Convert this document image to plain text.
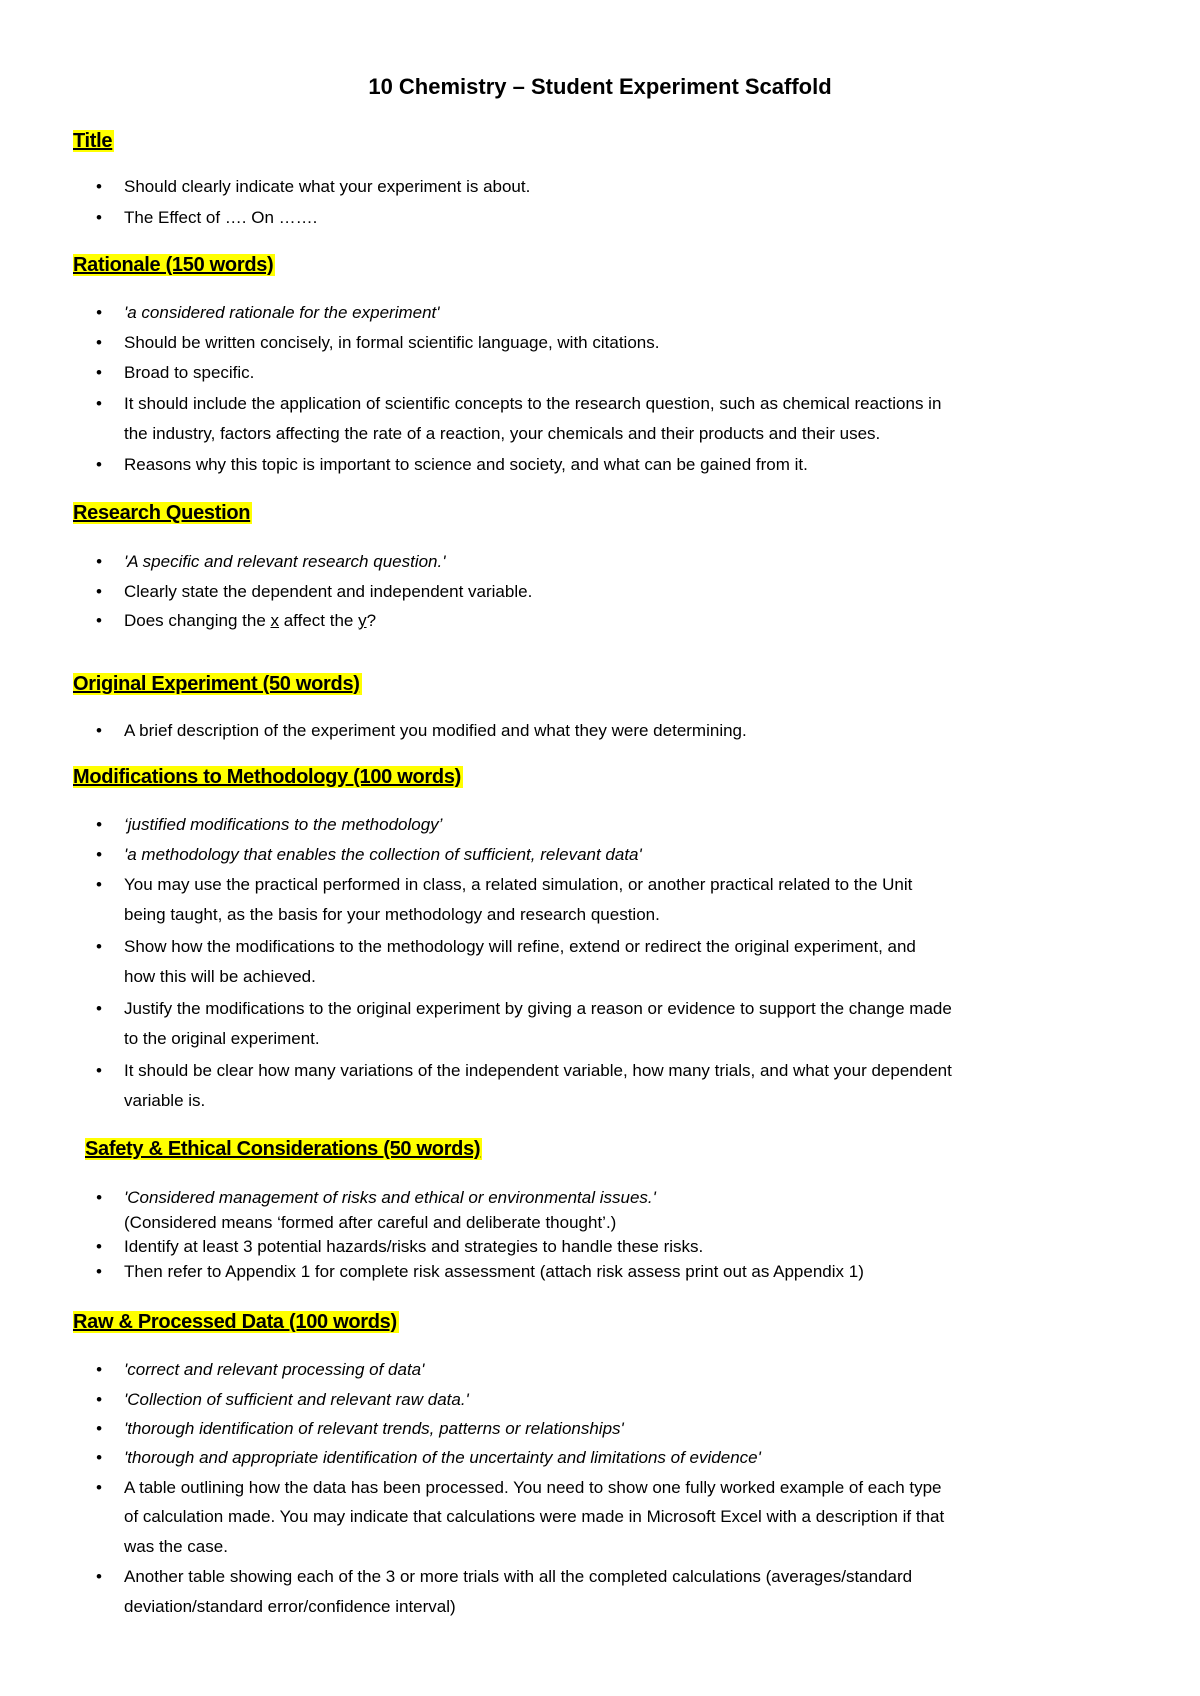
10 Chemistry – Student Experiment Scaffold
Title

• Should clearly indicate what your experiment is about.

• The Effect of …. On …….

Rationale (150 words)

• 'a considered rationale for the experiment'

• Should be written concisely, in formal scientific language, with citations.

• Broad to specific.

• It should include the application of scientific concepts to the research question, such as chemical reactions in

the industry, factors affecting the rate of a reaction, your chemicals and their products and their uses.

• Reasons why this topic is important to science and society, and what can be gained from it.

Research Question

• 'A specific and relevant research question.'

• Clearly state the dependent and independent variable.

• Does changing the x affect the y?

Original Experiment (50 words)

• A brief description of the experiment you modified and what they were determining.

Modifications to Methodology (100 words)

• ‘justified modifications to the methodology’

• 'a methodology that enables the collection of sufficient, relevant data'

• You may use the practical performed in class, a related simulation, or another practical related to the Unit

being taught, as the basis for your methodology and research question.

• Show how the modifications to the methodology will refine, extend or redirect the original experiment, and

how this will be achieved.

• Justify the modifications to the original experiment by giving a reason or evidence to support the change made

to the original experiment.

• It should be clear how many variations of the independent variable, how many trials, and what your dependent

variable is.

Safety & Ethical Considerations (50 words)

• 'Considered management of risks and ethical or environmental issues.'

(Considered means ‘formed after careful and deliberate thought’.)

• Identify at least 3 potential hazards/risks and strategies to handle these risks.

• Then refer to Appendix 1 for complete risk assessment (attach risk assess print out as Appendix 1)

Raw & Processed Data (100 words)

• 'correct and relevant processing of data'

• 'Collection of sufficient and relevant raw data.'

• 'thorough identification of relevant trends, patterns or relationships'

• 'thorough and appropriate identification of the uncertainty and limitations of evidence'

• A table outlining how the data has been processed. You need to show one fully worked example of each type

of calculation made. You may indicate that calculations were made in Microsoft Excel with a description if that

was the case.

• Another table showing each of the 3 or more trials with all the completed calculations (averages/standard

deviation/standard error/confidence interval)
